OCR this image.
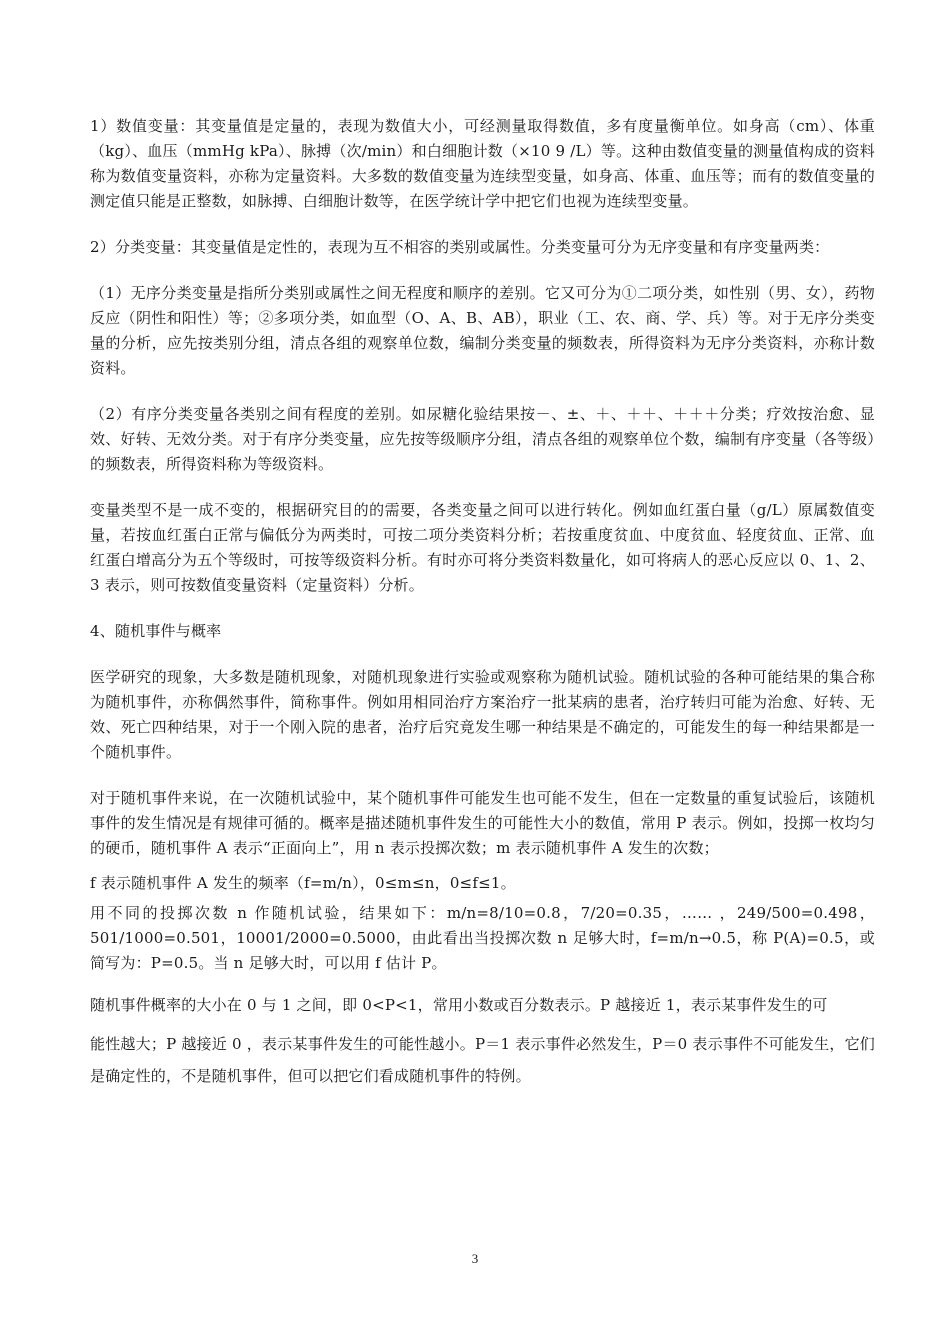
1）数值变量：其变量值是定量的，表现为数值大小，可经测量取得数值，多有度量衡单位。如身高（cm）、体重（kg）、血压（mmHg kPa）、脉搏（次/min）和白细胞计数（×10 9 /L）等。这种由数值变量的测量值构成的资料称为数值变量资料，亦称为定量资料。大多数的数值变量为连续型变量，如身高、体重、血压等；而有的数值变量的测定值只能是正整数，如脉搏、白细胞计数等，在医学统计学中把它们也视为连续型变量。

2）分类变量：其变量值是定性的，表现为互不相容的类别或属性。分类变量可分为无序变量和有序变量两类：

（1）无序分类变量是指所分类别或属性之间无程度和顺序的差别。它又可分为①二项分类，如性别（男、女），药物反应（阴性和阳性）等；②多项分类，如血型（O、A、B、AB），职业（工、农、商、学、兵）等。对于无序分类变量的分析，应先按类别分组，清点各组的观察单位数，编制分类变量的频数表，所得资料为无序分类资料，亦称计数资料。

（2）有序分类变量各类别之间有程度的差别。如尿糖化验结果按－、±、＋、＋＋、＋＋＋分类；疗效按治愈、显效、好转、无效分类。对于有序分类变量，应先按等级顺序分组，清点各组的观察单位个数，编制有序变量（各等级）的频数表，所得资料称为等级资料。

变量类型不是一成不变的，根据研究目的的需要，各类变量之间可以进行转化。例如血红蛋白量（g/L）原属数值变量，若按血红蛋白正常与偏低分为两类时，可按二项分类资料分析；若按重度贫血、中度贫血、轻度贫血、正常、血红蛋白增高分为五个等级时，可按等级资料分析。有时亦可将分类资料数量化，如可将病人的恶心反应以 0、1、2、3 表示，则可按数值变量资料（定量资料）分析。

4、随机事件与概率

医学研究的现象，大多数是随机现象，对随机现象进行实验或观察称为随机试验。随机试验的各种可能结果的集合称为随机事件，亦称偶然事件，简称事件。例如用相同治疗方案治疗一批某病的患者，治疗转归可能为治愈、好转、无效、死亡四种结果，对于一个刚入院的患者，治疗后究竟发生哪一种结果是不确定的，可能发生的每一种结果都是一个随机事件。

对于随机事件来说，在一次随机试验中，某个随机事件可能发生也可能不发生，但在一定数量的重复试验后，该随机事件的发生情况是有规律可循的。概率是描述随机事件发生的可能性大小的数值，常用 P 表示。例如，投掷一枚均匀的硬币，随机事件 A 表示“正面向上”，用 n 表示投掷次数；m 表示随机事件 A 发生的次数；

f 表示随机事件 A 发生的频率（f=m/n），0≤m≤n，0≤f≤1。

用不同的投掷次数 n 作随机试验，结果如下：m/n=8/10=0.8，7/20=0.35，…… ，249/500=0.498，501/1000=0.501，10001/2000=0.5000，由此看出当投掷次数 n 足够大时，f=m/n→0.5，称 P(A)=0.5，或简写为：P=0.5。当 n 足够大时，可以用 f 估计 P。

随机事件概率的大小在 0 与 1 之间，即 0<P<1，常用小数或百分数表示。P 越接近 1，表示某事件发生的可

能性越大；P 越接近 0 ，表示某事件发生的可能性越小。P＝1 表示事件必然发生，P＝0 表示事件不可能发生，它们是确定性的，不是随机事件，但可以把它们看成随机事件的特例。

3
